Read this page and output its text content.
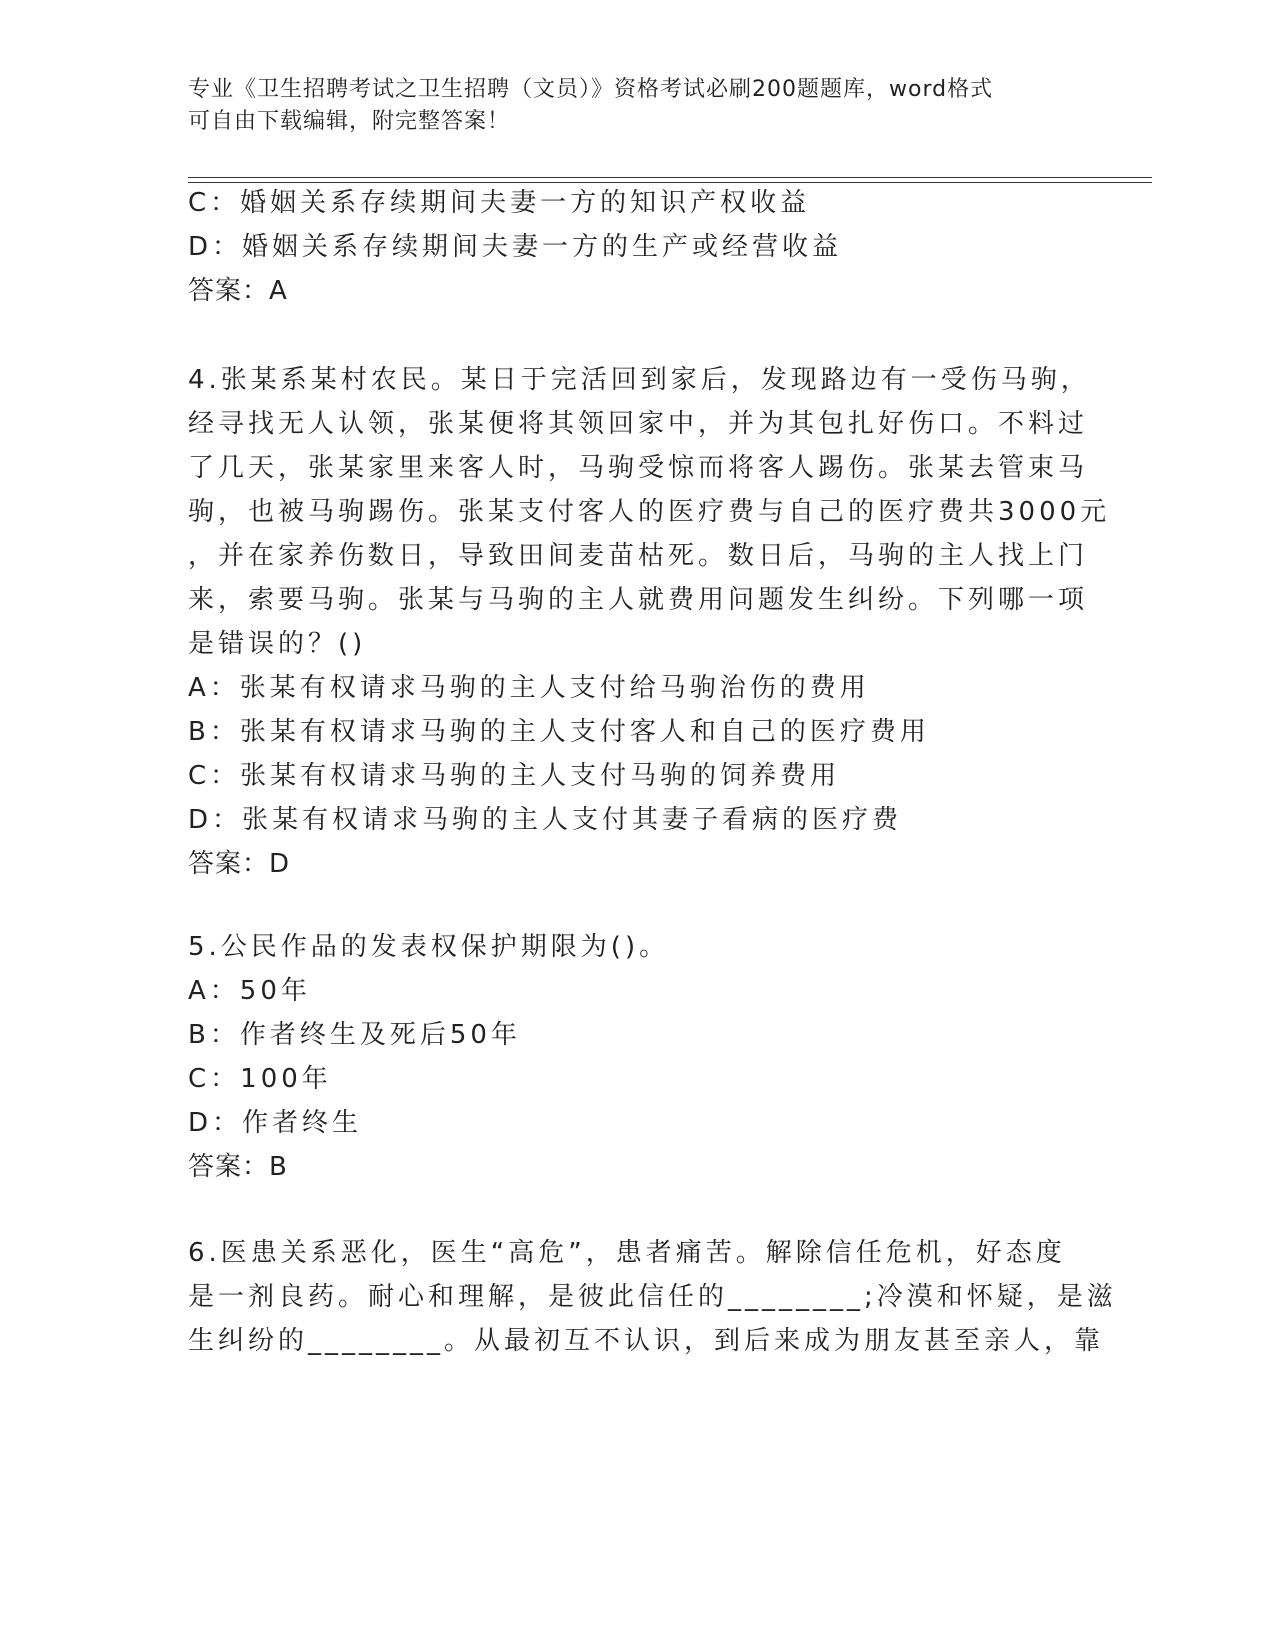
专业《卫生招聘考试之卫生招聘（文员）》资格考试必刷200题题库，word格式
可自由下载编辑，附完整答案！
C：婚姻关系存续期间夫妻一方的知识产权收益
D：婚姻关系存续期间夫妻一方的生产或经营收益
答案：A
4.张某系某村农民。某日于完活回到家后，发现路边有一受伤马驹，
经寻找无人认领，张某便将其领回家中，并为其包扎好伤口。不料过
了几天，张某家里来客人时，马驹受惊而将客人踢伤。张某去管束马
驹，也被马驹踢伤。张某支付客人的医疗费与自己的医疗费共3000元
，并在家养伤数日，导致田间麦苗枯死。数日后，马驹的主人找上门
来，索要马驹。张某与马驹的主人就费用问题发生纠纷。下列哪一项
是错误的？()
A：张某有权请求马驹的主人支付给马驹治伤的费用
B：张某有权请求马驹的主人支付客人和自己的医疗费用
C：张某有权请求马驹的主人支付马驹的饲养费用
D：张某有权请求马驹的主人支付其妻子看病的医疗费
答案：D
5.公民作品的发表权保护期限为()。
A：50年
B：作者终生及死后50年
C：100年
D：作者终生
答案：B
6.医患关系恶化，医生“高危”，患者痛苦。解除信任危机，好态度
是一剂良药。耐心和理解，是彼此信任的________;冷漠和怀疑，是滋
生纠纷的________。从最初互不认识，到后来成为朋友甚至亲人，靠
